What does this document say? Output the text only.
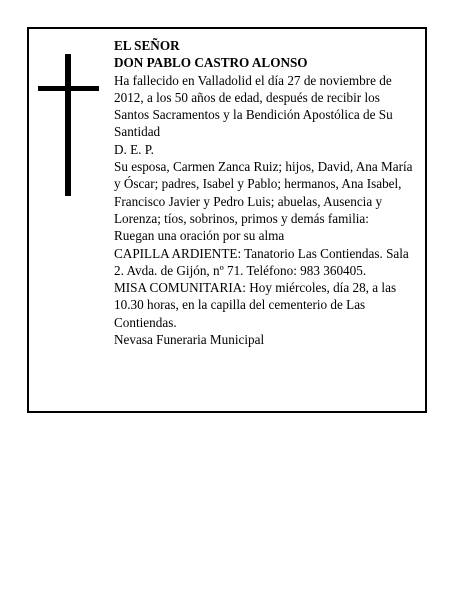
EL SEÑOR
DON PABLO CASTRO ALONSO
Ha fallecido en Valladolid el día 27 de noviembre de 2012, a los 50 años de edad, después de recibir los Santos Sacramentos y la Bendición Apostólica de Su Santidad
D. E. P.
Su esposa, Carmen Zanca Ruiz; hijos, David, Ana María y Óscar; padres, Isabel y Pablo; hermanos, Ana Isabel, Francisco Javier y Pedro Luis; abuelas, Ausencia y Lorenza; tíos, sobrinos, primos y demás familia:
Ruegan una oración por su alma
CAPILLA ARDIENTE: Tanatorio Las Contiendas. Sala 2. Avda. de Gijón, nº 71. Teléfono: 983 360405.
MISA COMUNITARIA: Hoy miércoles, día 28, a las 10.30 horas, en la capilla del cementerio de Las Contiendas.
Nevasa Funeraria Municipal
